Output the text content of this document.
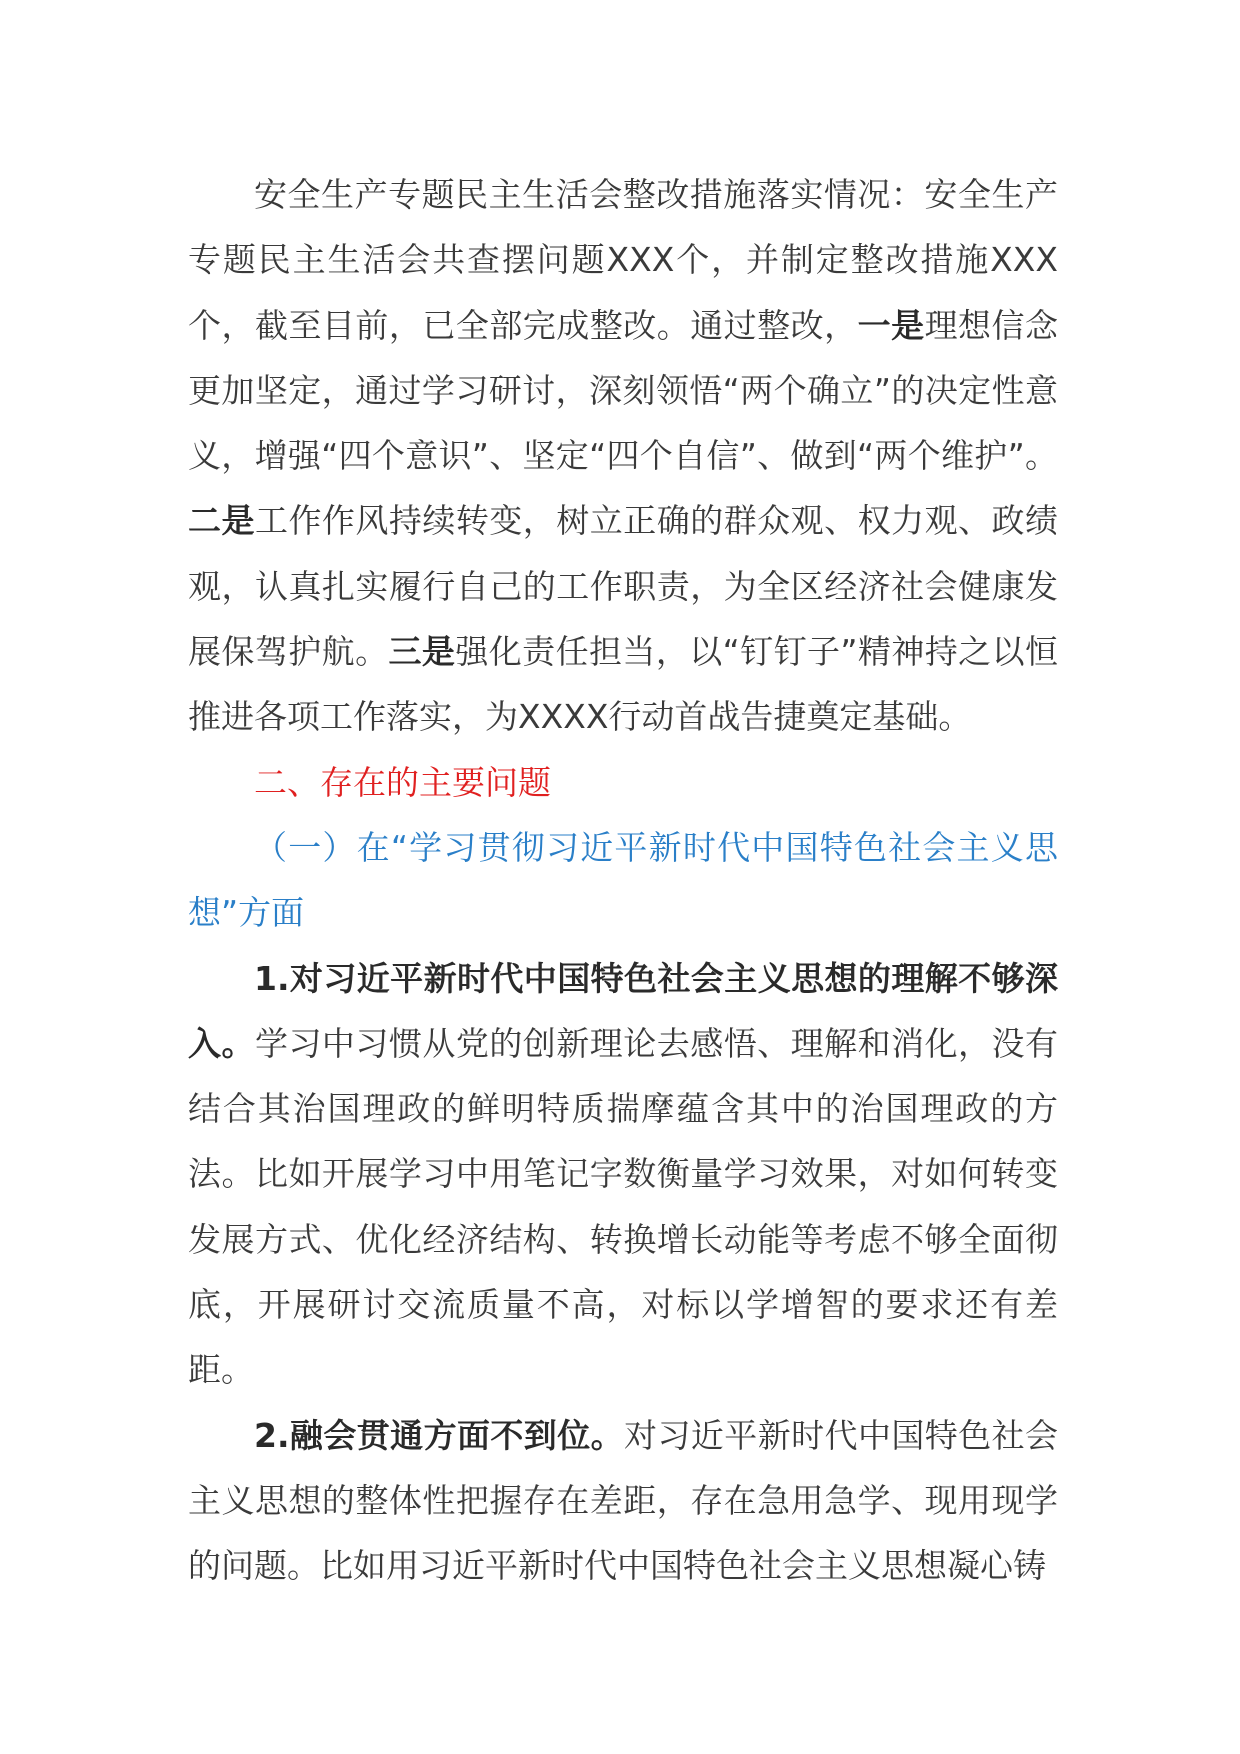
安全生产专题民主生活会整改措施落实情况：安全生产专题民主生活会共查摆问题XXX个，并制定整改措施XXX个，截至目前，已全部完成整改。通过整改，一是理想信念更加坚定，通过学习研讨，深刻领悟“两个确立”的决定性意义，增强“四个意识”、坚定“四个自信”、做到“两个维护”。二是工作作风持续转变，树立正确的群众观、权力观、政绩观，认真扎实履行自己的工作职责，为全区经济社会健康发展保驾护航。三是强化责任担当，以“钉钉子”精神持之以恒推进各项工作落实，为XXXX行动首战告捷奠定基础。

二、存在的主要问题

（一）在“学习贯彻习近平新时代中国特色社会主义思想”方面

1.对习近平新时代中国特色社会主义思想的理解不够深入。学习中习惯从党的创新理论去感悟、理解和消化，没有结合其治国理政的鲜明特质揣摩蕴含其中的治国理政的方法。比如开展学习中用笔记字数衡量学习效果，对如何转变发展方式、优化经济结构、转换增长动能等考虑不够全面彻底，开展研讨交流质量不高，对标以学增智的要求还有差距。

2.融会贯通方面不到位。对习近平新时代中国特色社会主义思想的整体性把握存在差距，存在急用急学、现用现学的问题。比如用习近平新时代中国特色社会主义思想凝心铸
